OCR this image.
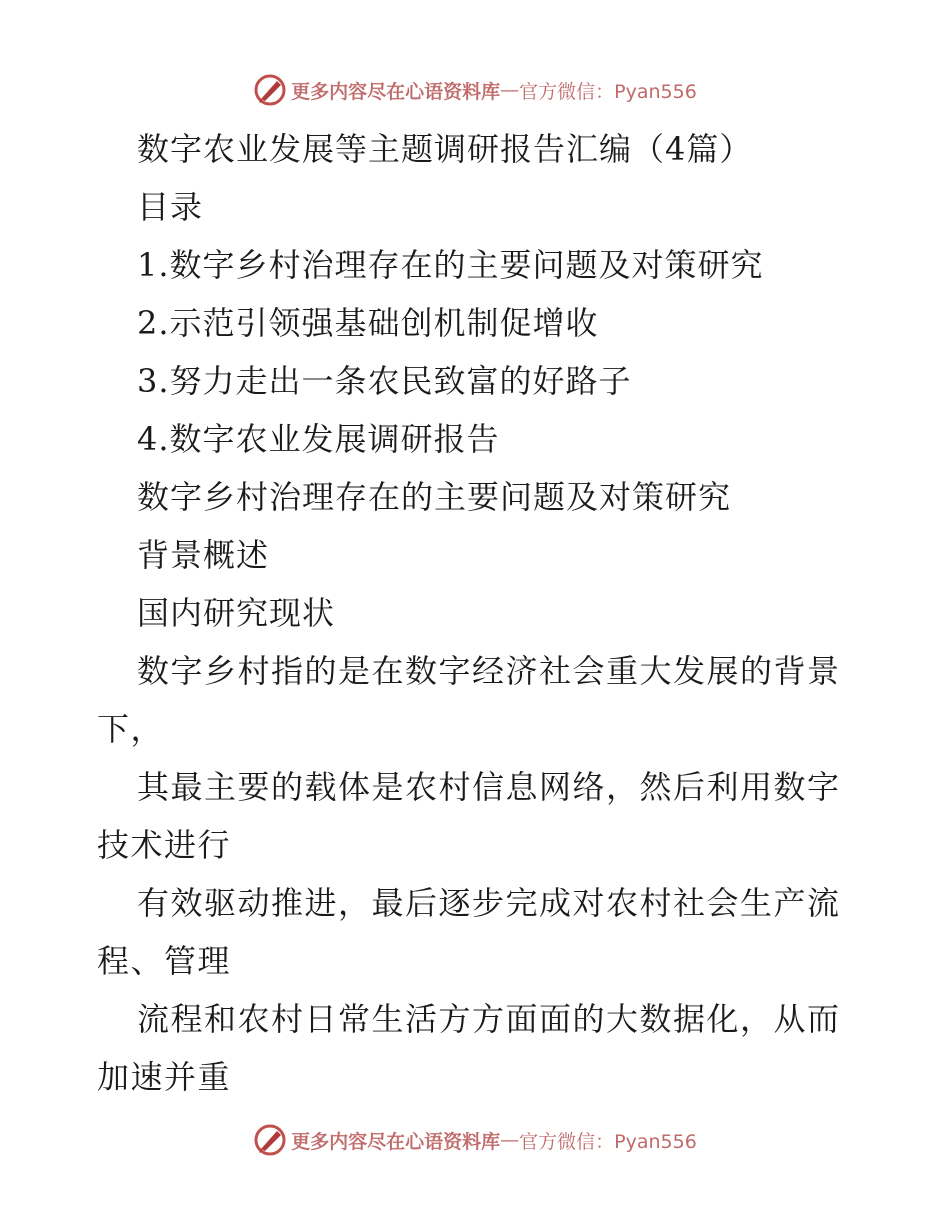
更多内容尽在心语资料库 — 官方微信：Pyan556
数字农业发展等主题调研报告汇编（4篇）
目录
1.数字乡村治理存在的主要问题及对策研究
2.示范引领强基础创机制促增收
3.努力走出一条农民致富的好路子
4.数字农业发展调研报告
数字乡村治理存在的主要问题及对策研究
背景概述
国内研究现状
数字乡村指的是在数字经济社会重大发展的背景
下，
其最主要的载体是农村信息网络，然后利用数字
技术进行
有效驱动推进，最后逐步完成对农村社会生产流
程、管理
流程和农村日常生活方方面面的大数据化，从而
加速并重
更多内容尽在心语资料库 — 官方微信：Pyan556
